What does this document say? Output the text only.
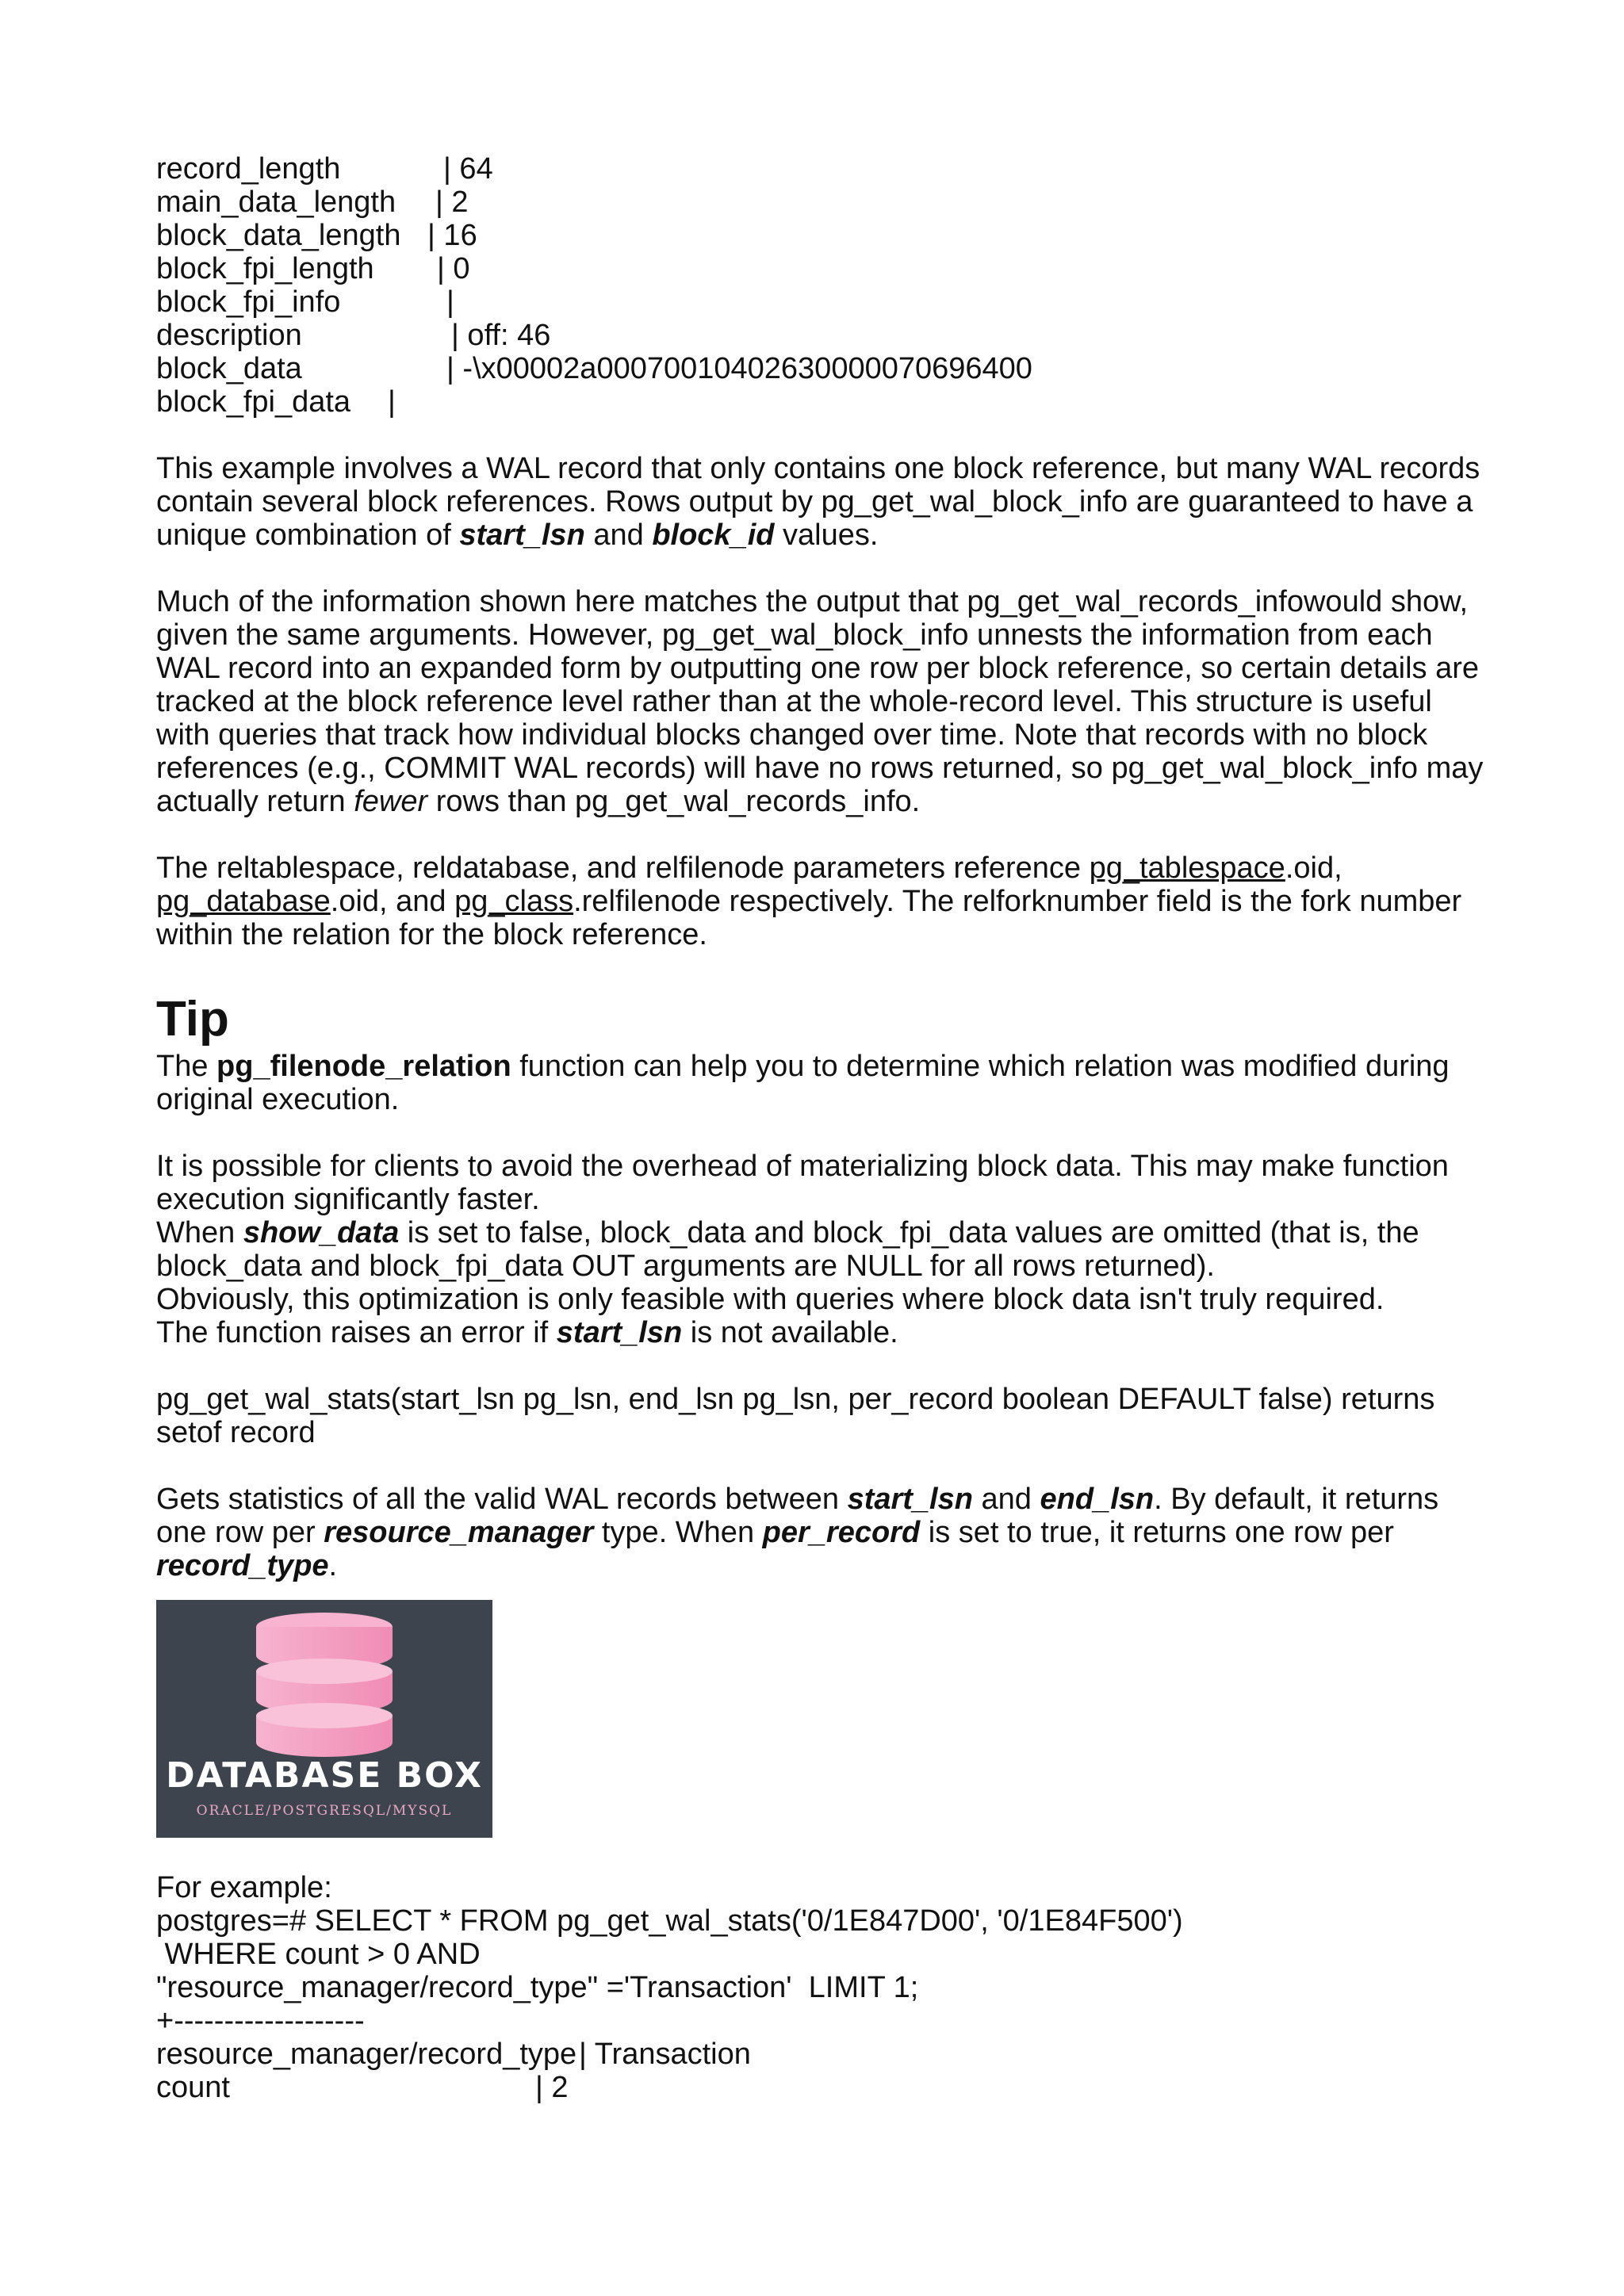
record_length	| 64
main_data_length | 2
block_data_length | 16
block_fpi_length | 0
block_fpi_info	|
description	| off: 46
block_data	| -\x00002a00070010402630000070696400
block_fpi_data |

This example involves a WAL record that only contains one block reference, but many WAL records contain several block references. Rows output by pg_get_wal_block_info are guaranteed to have a unique combination of start_lsn and block_id values.

Much of the information shown here matches the output that pg_get_wal_records_infowould show, given the same arguments. However, pg_get_wal_block_info unnests the information from each WAL record into an expanded form by outputting one row per block reference, so certain details are tracked at the block reference level rather than at the whole-record level. This structure is useful with queries that track how individual blocks changed over time. Note that records with no block references (e.g., COMMIT WAL records) will have no rows returned, so pg_get_wal_block_info may actually return fewer rows than pg_get_wal_records_info.

The reltablespace, reldatabase, and relfilenode parameters reference pg_tablespace.oid, pg_database.oid, and pg_class.relfilenode respectively. The relforknumber field is the fork number within the relation for the block reference.

Tip

The pg_filenode_relation function can help you to determine which relation was modified during original execution.

It is possible for clients to avoid the overhead of materializing block data. This may make function execution significantly faster.
When show_data is set to false, block_data and block_fpi_data values are omitted (that is, the block_data and block_fpi_data OUT arguments are NULL for all rows returned).
Obviously, this optimization is only feasible with queries where block data isn't truly required.
The function raises an error if start_lsn is not available.

pg_get_wal_stats(start_lsn pg_lsn, end_lsn pg_lsn, per_record boolean DEFAULT false) returns setof record

Gets statistics of all the valid WAL records between start_lsn and end_lsn. By default, it returns one row per resource_manager type. When per_record is set to true, it returns one row per record_type.

DATABASE BOX
ORACLE/POSTGRESQL/MYSQL

For example:

postgres=# SELECT * FROM pg_get_wal_stats('0/1E847D00', '0/1E84F500')

WHERE count > 0 AND

"resource_manager/record_type" ='Transaction'  LIMIT 1;

+-------------------

resource_manager/record_type | Transaction
count	| 2
